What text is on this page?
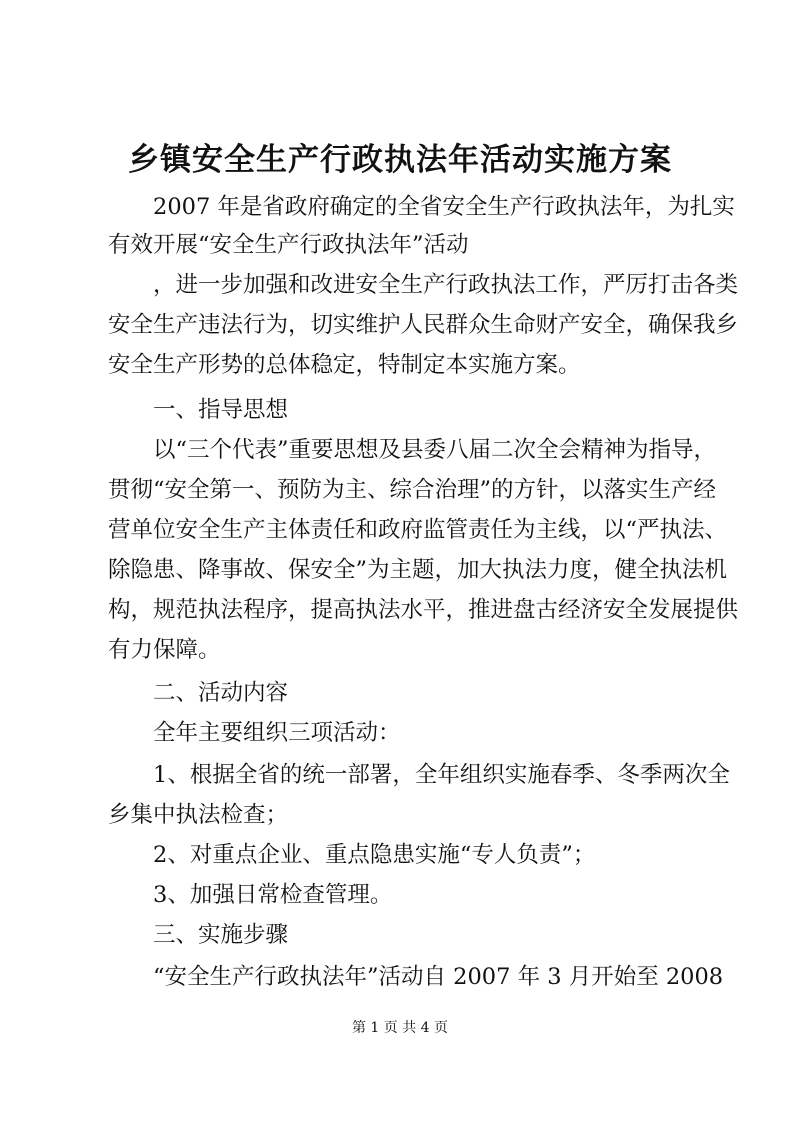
乡镇安全生产行政执法年活动实施方案
　　2007 年是省政府确定的全省安全生产行政执法年，为扎实
有效开展“安全生产行政执法年”活动
　　，进一步加强和改进安全生产行政执法工作，严厉打击各类
安全生产违法行为，切实维护人民群众生命财产安全，确保我乡
安全生产形势的总体稳定，特制定本实施方案。
　　一、指导思想
　　以“三个代表”重要思想及县委八届二次全会精神为指导，
贯彻“安全第一、预防为主、综合治理”的方针，以落实生产经
营单位安全生产主体责任和政府监管责任为主线，以“严执法、
除隐患、降事故、保安全”为主题，加大执法力度，健全执法机
构，规范执法程序，提高执法水平，推进盘古经济安全发展提供
有力保障。
　　二、活动内容
　　全年主要组织三项活动：
　　1、根据全省的统一部署，全年组织实施春季、冬季两次全
乡集中执法检查；
　　2、对重点企业、重点隐患实施“专人负责”；
　　3、加强日常检查管理。
　　三、实施步骤
　　“安全生产行政执法年”活动自 2007 年 3 月开始至 2008
第 1 页 共 4 页
